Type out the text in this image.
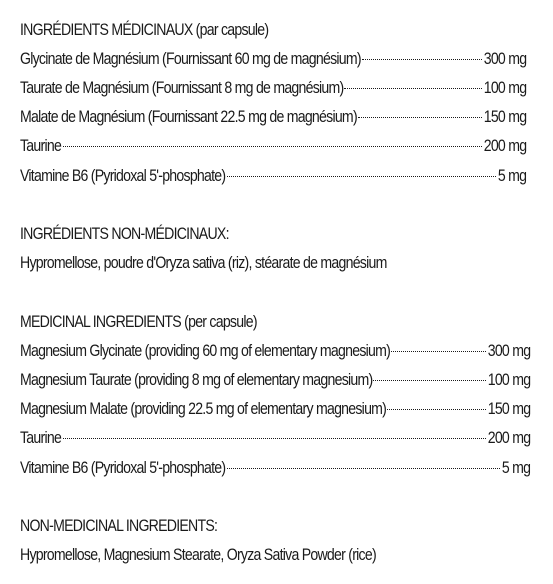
INGRÉDIENTS MÉDICINAUX (par capsule)
Glycinate de Magnésium (Fournissant 60 mg de magnésium)	300 mg
Taurate de Magnésium (Fournissant 8 mg de magnésium)	100 mg
Malate de Magnésium (Fournissant 22.5 mg de magnésium)	150 mg
Taurine	200 mg
Vitamine B6 (Pyridoxal 5'-phosphate)	5 mg
INGRÉDIENTS NON-MÉDICINAUX:
Hypromellose, poudre d'Oryza sativa (riz), stéarate de magnésium
MEDICINAL INGREDIENTS (per capsule)
Magnesium Glycinate (providing 60 mg of elementary magnesium)	300 mg
Magnesium Taurate (providing 8 mg of elementary magnesium)	100 mg
Magnesium Malate (providing 22.5 mg of elementary magnesium)	150 mg
Taurine	200 mg
Vitamine B6 (Pyridoxal 5'-phosphate)	5 mg
NON-MEDICINAL INGREDIENTS:
Hypromellose, Magnesium Stearate, Oryza Sativa Powder (rice)
